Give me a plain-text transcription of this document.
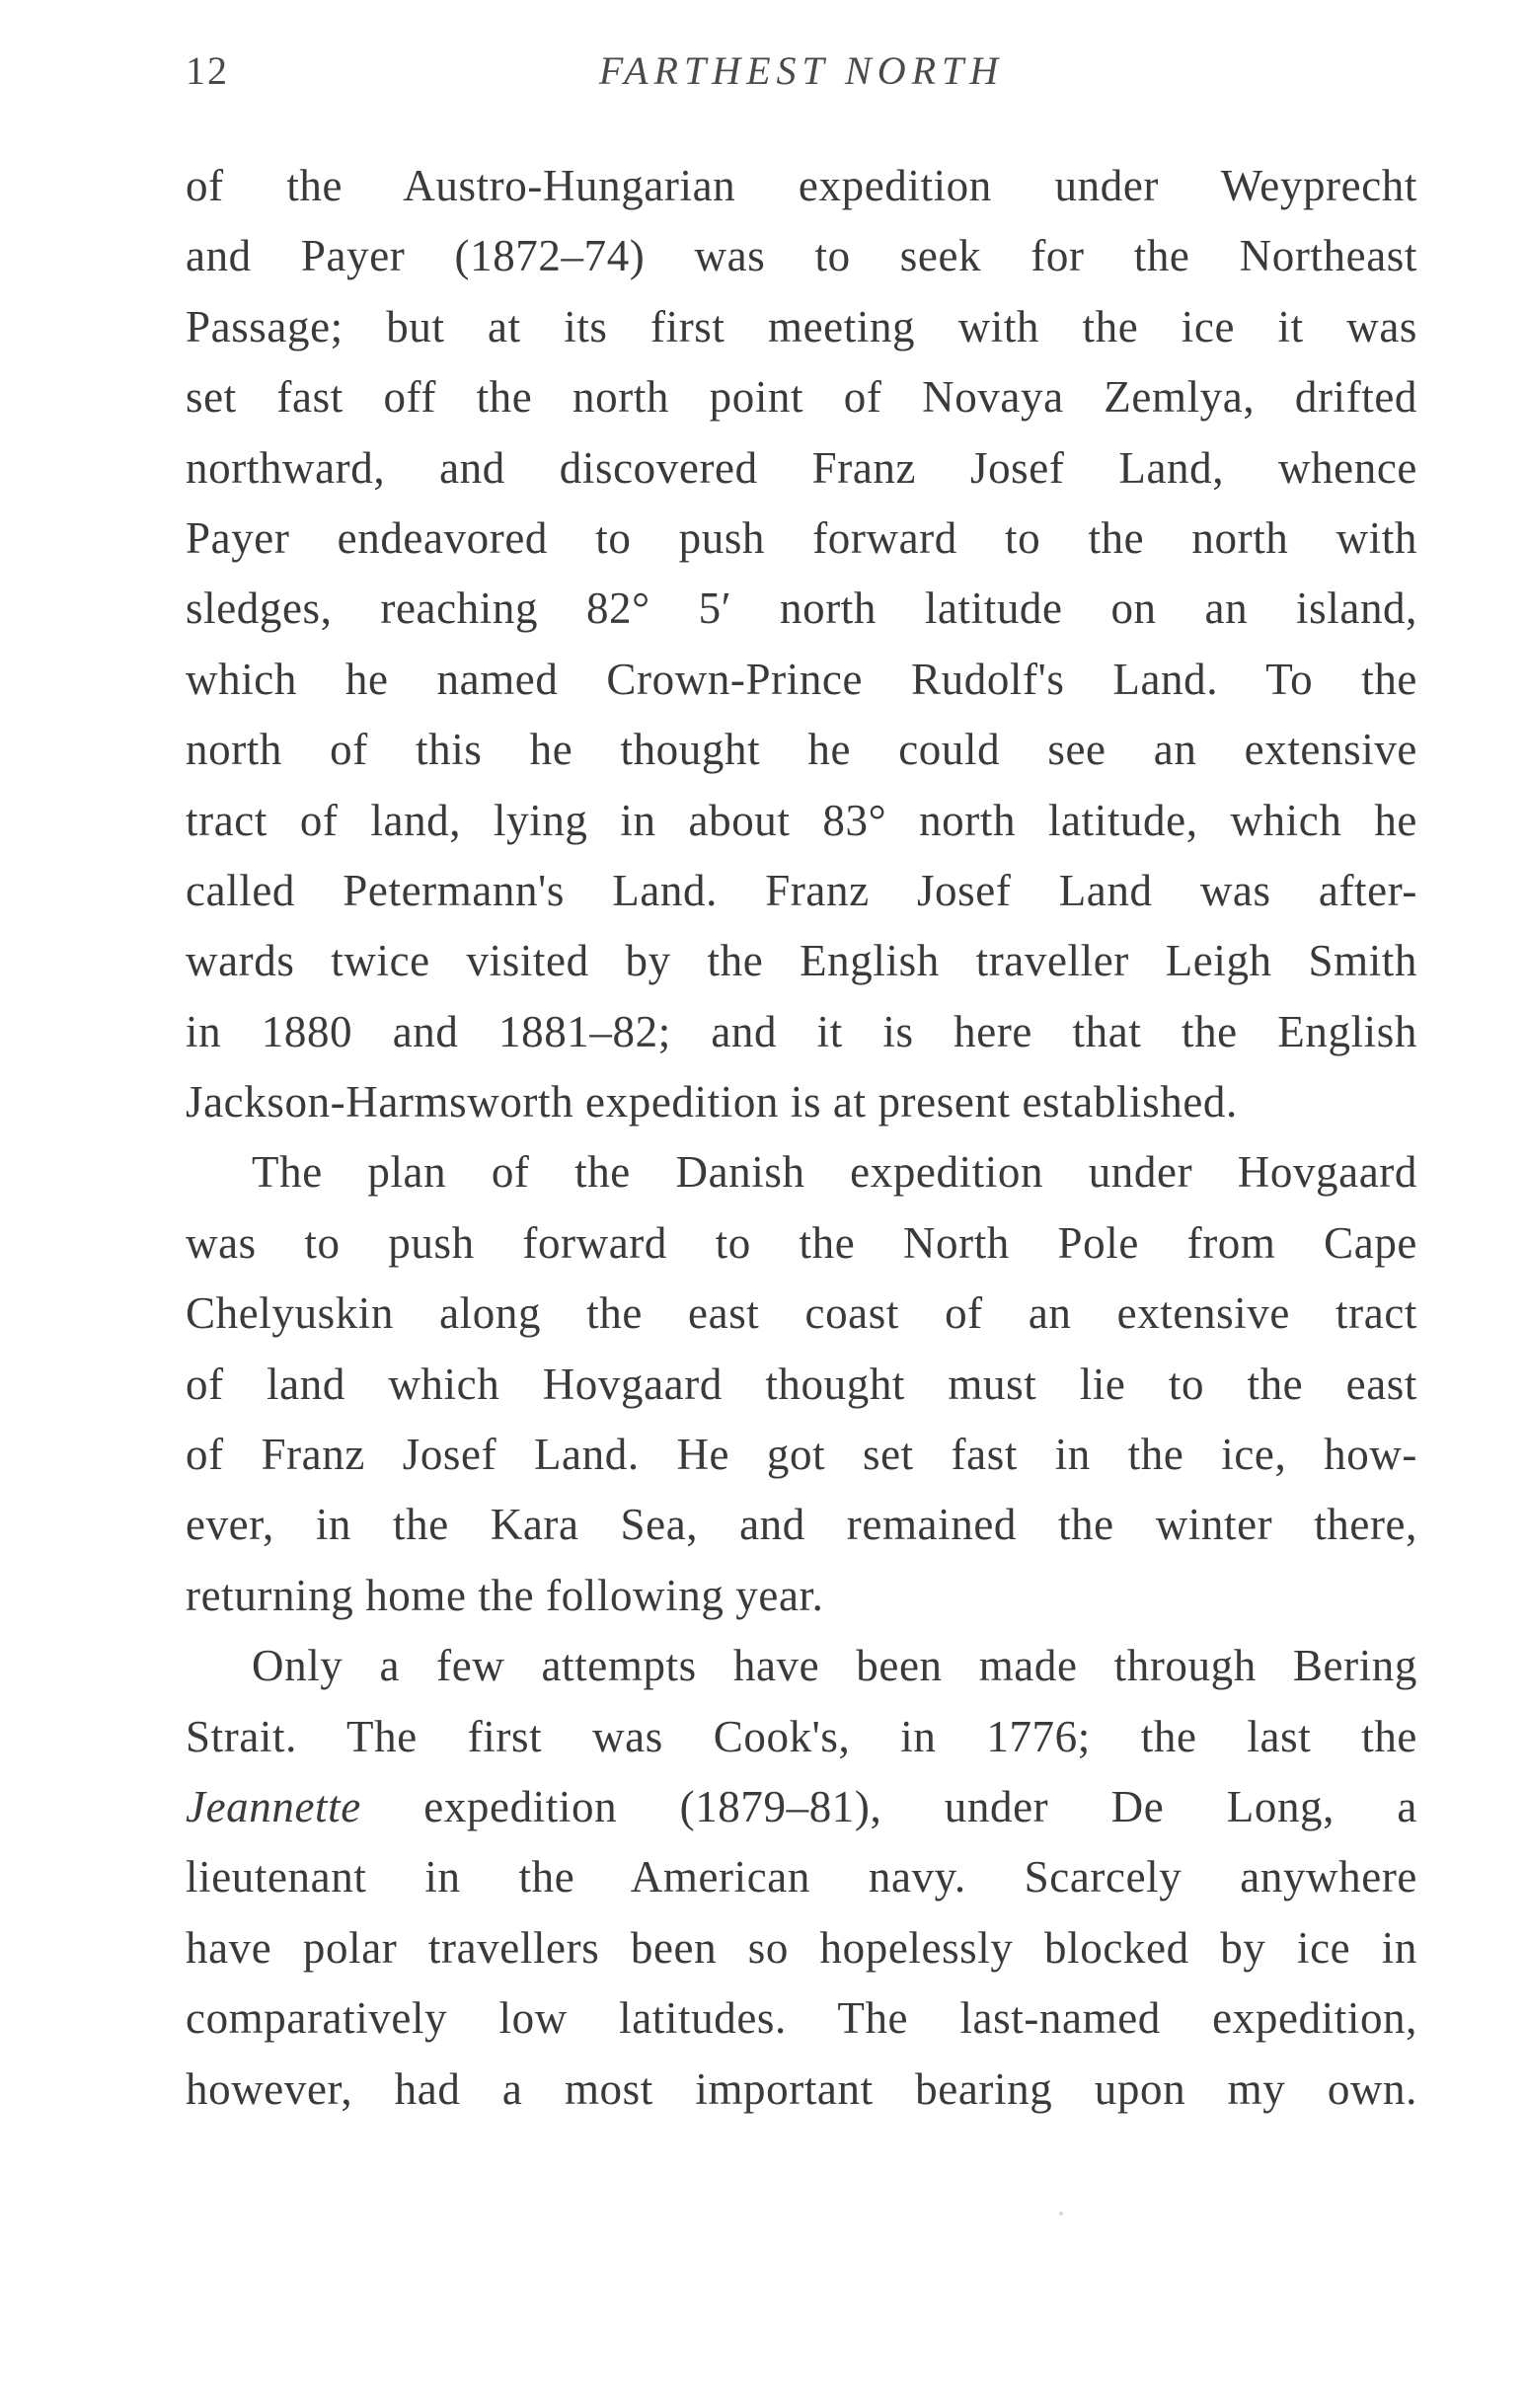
12	FARTHEST NORTH
of the Austro-Hungarian expedition under Weyprecht
and Payer (1872–74) was to seek for the Northeast
Passage; but at its first meeting with the ice it was
set fast off the north point of Novaya Zemlya, drifted
northward, and discovered Franz Josef Land, whence
Payer endeavored to push forward to the north with
sledges, reaching 82° 5′ north latitude on an island,
which he named Crown-Prince Rudolf's Land. To the
north of this he thought he could see an extensive
tract of land, lying in about 83° north latitude, which he
called Petermann's Land. Franz Josef Land was after-
wards twice visited by the English traveller Leigh Smith
in 1880 and 1881–82; and it is here that the English
Jackson-Harmsworth expedition is at present established.
The plan of the Danish expedition under Hovgaard
was to push forward to the North Pole from Cape
Chelyuskin along the east coast of an extensive tract
of land which Hovgaard thought must lie to the east
of Franz Josef Land. He got set fast in the ice, how-
ever, in the Kara Sea, and remained the winter there,
returning home the following year.
Only a few attempts have been made through Bering
Strait. The first was Cook's, in 1776; the last the
Jeannette expedition (1879–81), under De Long, a
lieutenant in the American navy. Scarcely anywhere
have polar travellers been so hopelessly blocked by ice in
comparatively low latitudes. The last-named expedition,
however, had a most important bearing upon my own.
